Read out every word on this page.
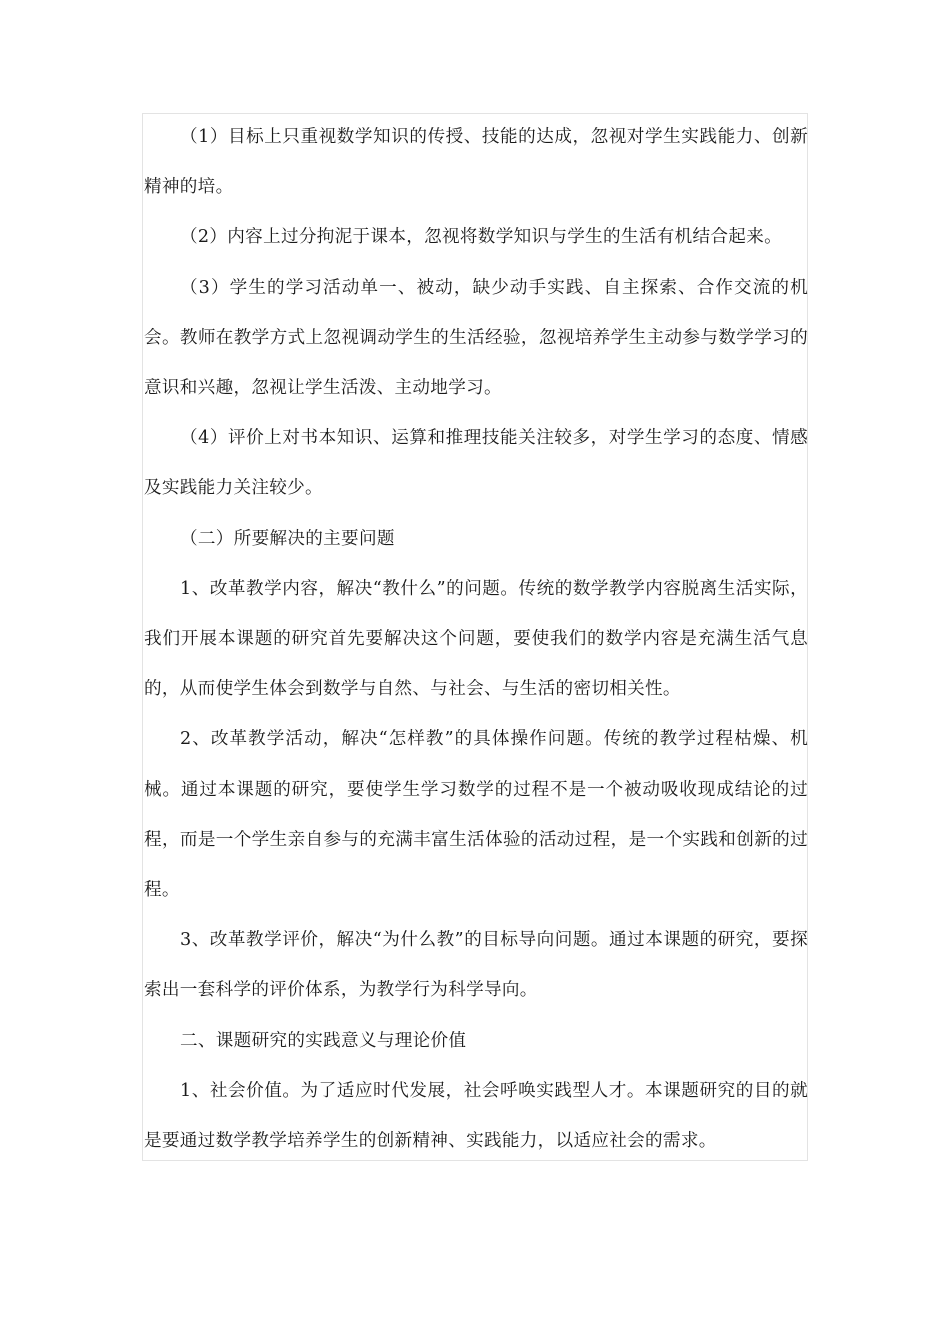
（1）目标上只重视数学知识的传授、技能的达成，忽视对学生实践能力、创新精神的培。

（2）内容上过分拘泥于课本，忽视将数学知识与学生的生活有机结合起来。

（3）学生的学习活动单一、被动，缺少动手实践、自主探索、合作交流的机会。教师在教学方式上忽视调动学生的生活经验，忽视培养学生主动参与数学学习的意识和兴趣，忽视让学生活泼、主动地学习。

（4）评价上对书本知识、运算和推理技能关注较多，对学生学习的态度、情感及实践能力关注较少。

（二）所要解决的主要问题

1、改革教学内容，解决“教什么”的问题。传统的数学教学内容脱离生活实际，我们开展本课题的研究首先要解决这个问题，要使我们的数学内容是充满生活气息的，从而使学生体会到数学与自然、与社会、与生活的密切相关性。

2、改革教学活动，解决“怎样教”的具体操作问题。传统的教学过程枯燥、机械。通过本课题的研究，要使学生学习数学的过程不是一个被动吸收现成结论的过程，而是一个学生亲自参与的充满丰富生活体验的活动过程，是一个实践和创新的过程。

3、改革教学评价，解决“为什么教”的目标导向问题。通过本课题的研究，要探索出一套科学的评价体系，为教学行为科学导向。

二、课题研究的实践意义与理论价值

1、社会价值。为了适应时代发展，社会呼唤实践型人才。本课题研究的目的就是要通过数学教学培养学生的创新精神、实践能力，以适应社会的需求。
